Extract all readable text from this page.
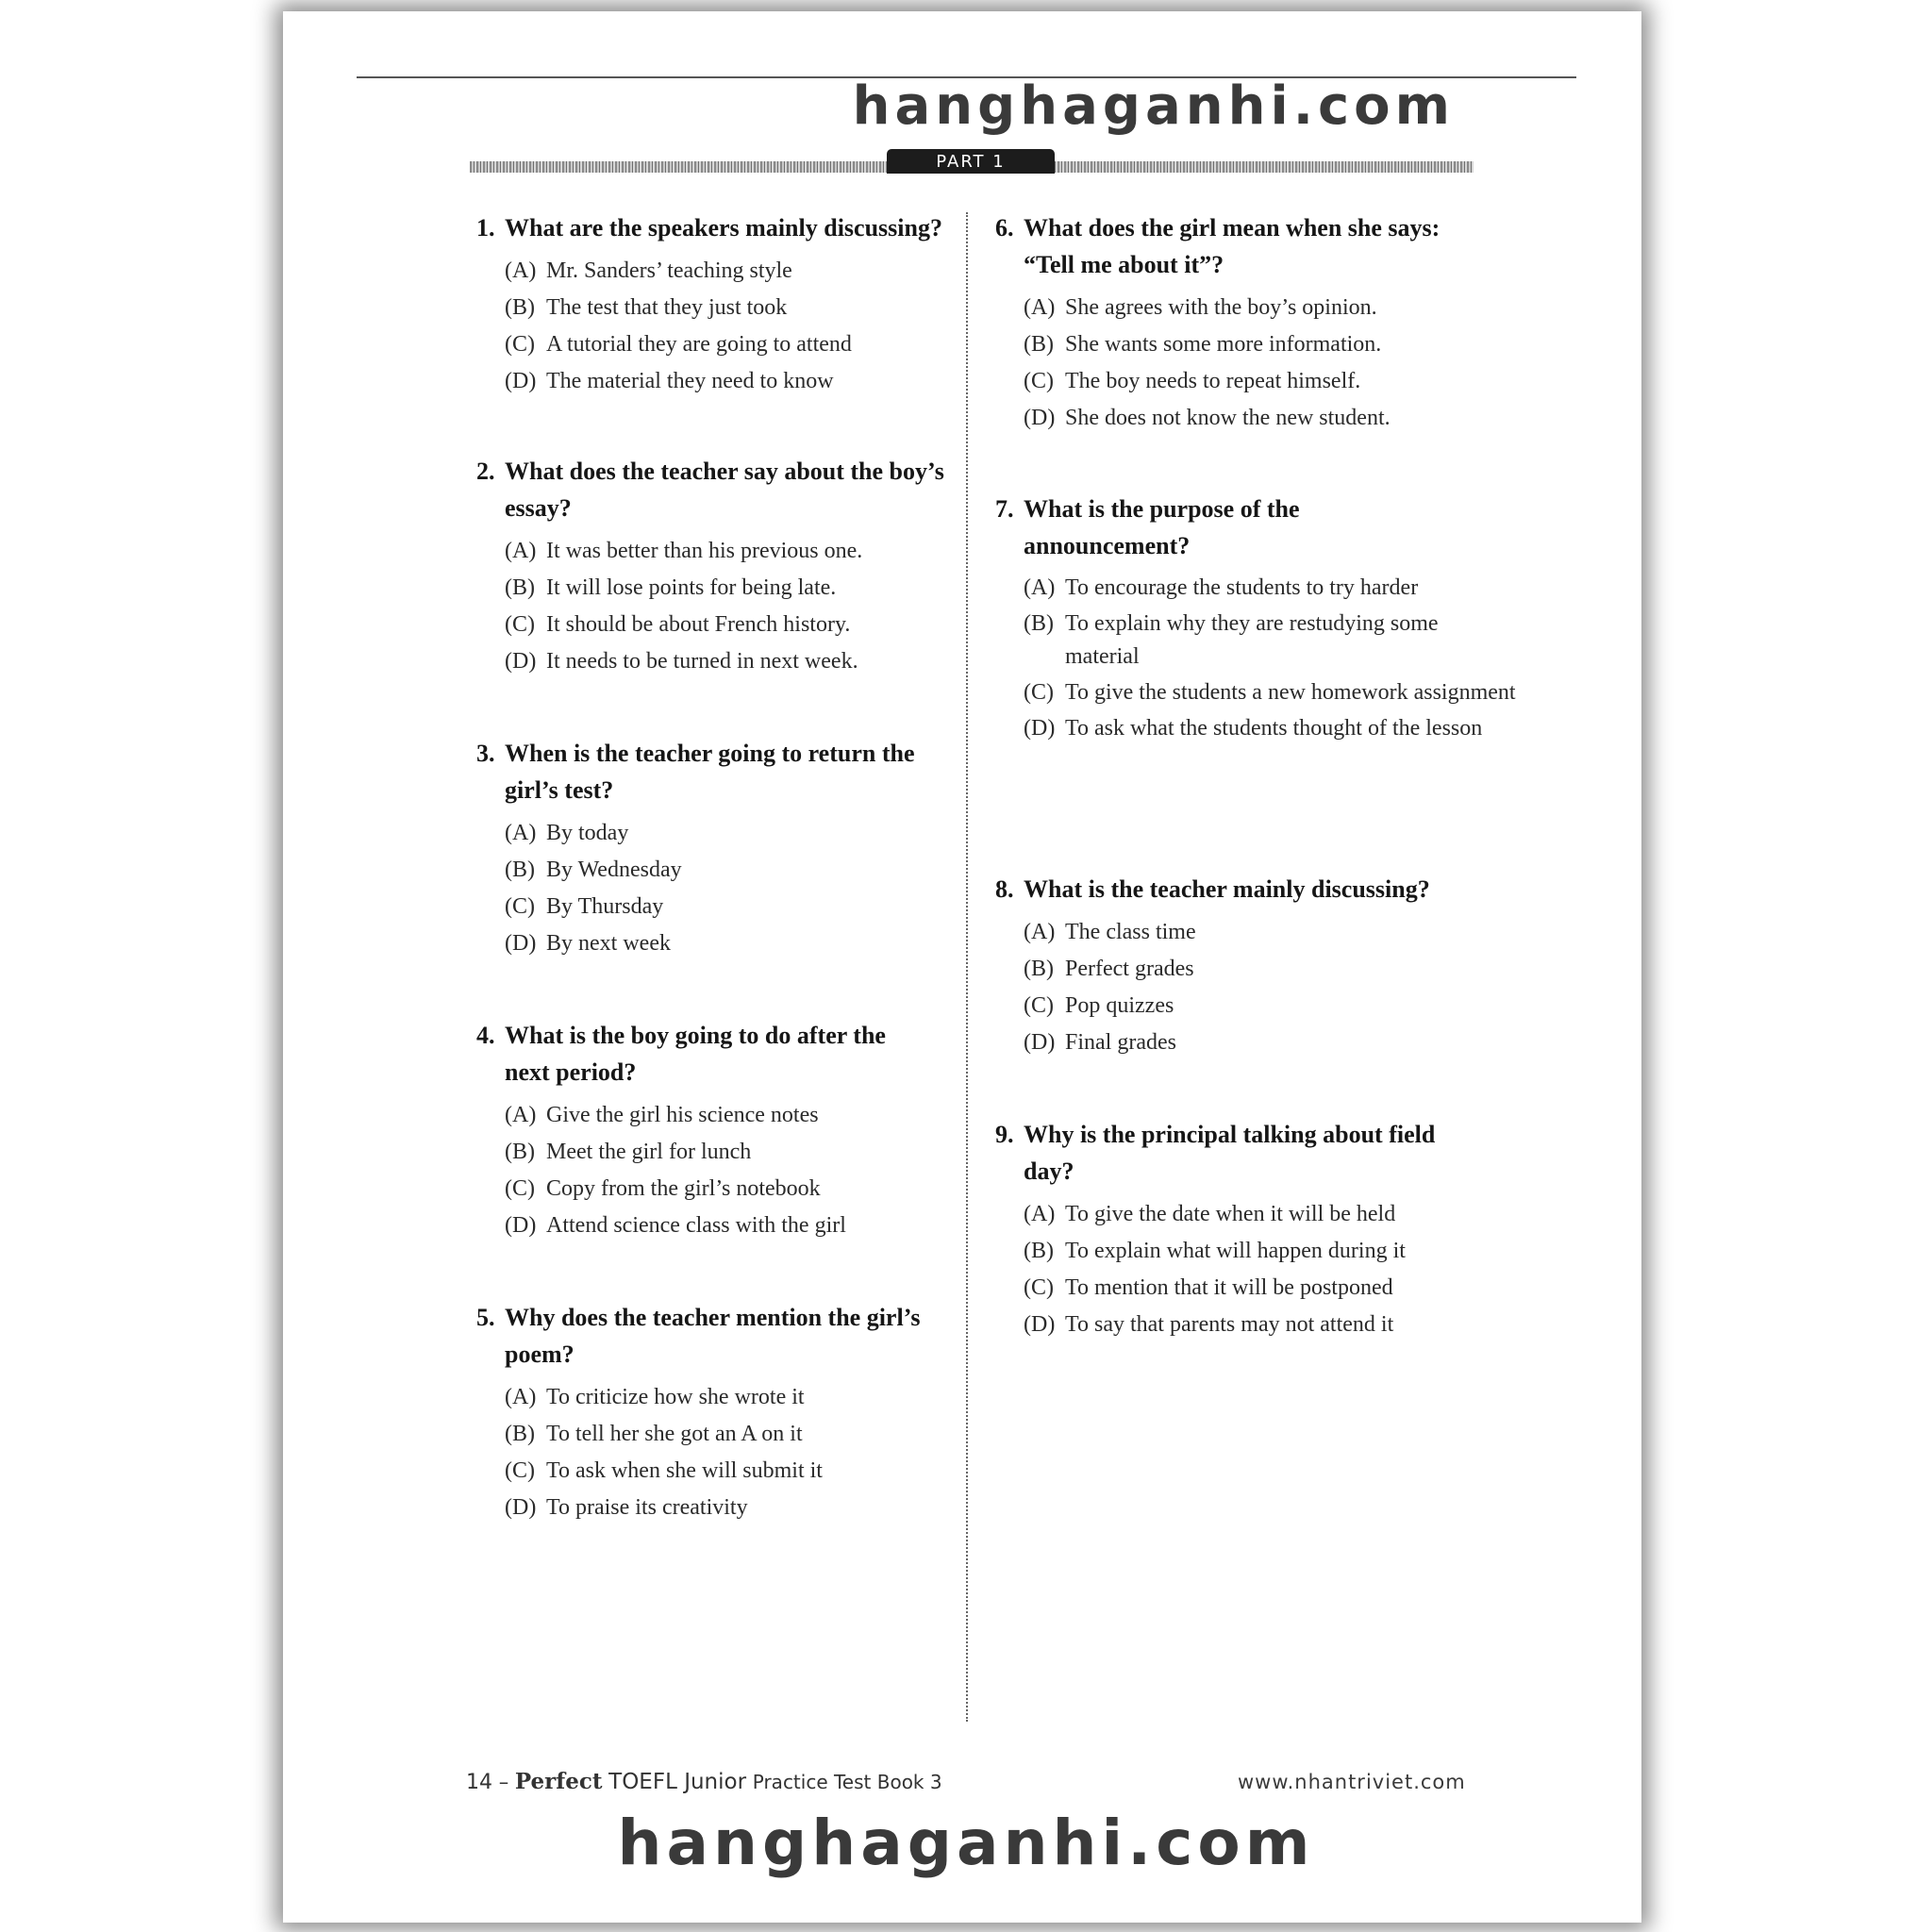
hanghaganhi.com
PART 1
1. What are the speakers mainly discussing?
(A) Mr. Sanders’ teaching style
(B) The test that they just took
(C) A tutorial they are going to attend
(D) The material they need to know
2. What does the teacher say about the boy’s essay?
(A) It was better than his previous one.
(B) It will lose points for being late.
(C) It should be about French history.
(D) It needs to be turned in next week.
3. When is the teacher going to return the girl’s test?
(A) By today
(B) By Wednesday
(C) By Thursday
(D) By next week
4. What is the boy going to do after the next period?
(A) Give the girl his science notes
(B) Meet the girl for lunch
(C) Copy from the girl’s notebook
(D) Attend science class with the girl
5. Why does the teacher mention the girl’s poem?
(A) To criticize how she wrote it
(B) To tell her she got an A on it
(C) To ask when she will submit it
(D) To praise its creativity
6. What does the girl mean when she says: “Tell me about it”?
(A) She agrees with the boy’s opinion.
(B) She wants some more information.
(C) The boy needs to repeat himself.
(D) She does not know the new student.
7. What is the purpose of the announcement?
(A) To encourage the students to try harder
(B) To explain why they are restudying some material
(C) To give the students a new homework assignment
(D) To ask what the students thought of the lesson
8. What is the teacher mainly discussing?
(A) The class time
(B) Perfect grades
(C) Pop quizzes
(D) Final grades
9. Why is the principal talking about field day?
(A) To give the date when it will be held
(B) To explain what will happen during it
(C) To mention that it will be postponed
(D) To say that parents may not attend it
14 – Perfect TOEFL Junior Practice Test Book 3	www.nhantriviet.com
hanghaganhi.com
